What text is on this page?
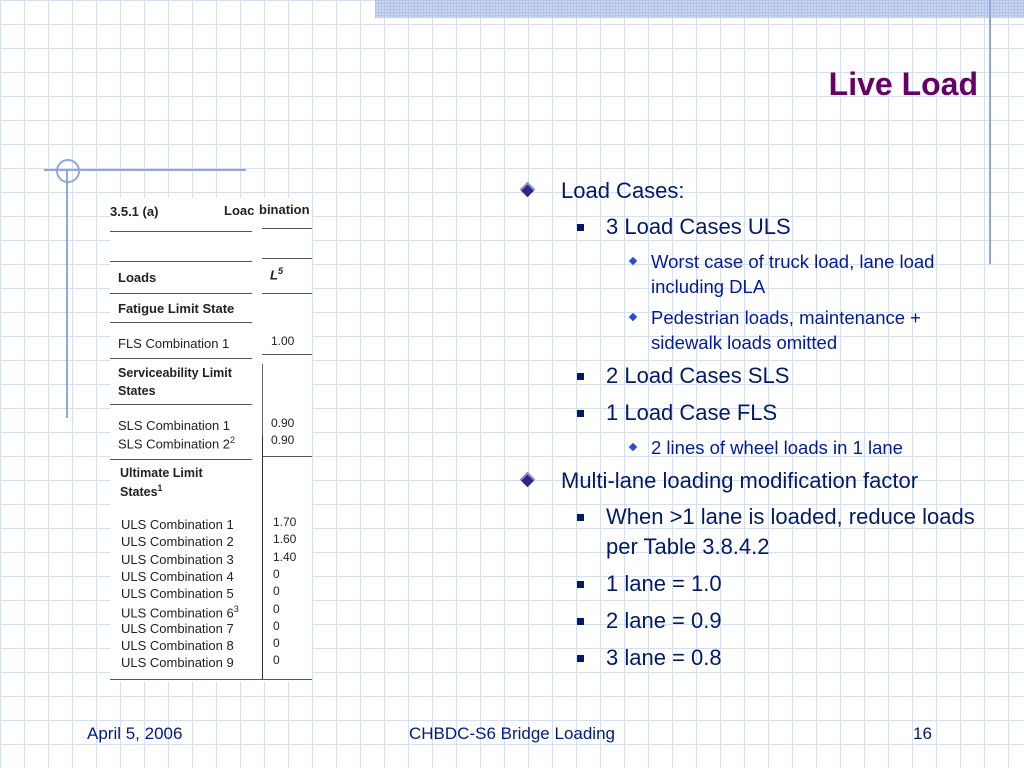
Live Load
3.5.1 (a)	Loac bination
Loads	$L^5$
Fatigue Limit State
FLS Combination 1	1.00
Serviceability Limit
States
SLS Combination 1	0.90
SLS Combination $2^2$	0.90
Ultimate Limit
States$^1$
ULS Combination 1	1.70
ULS Combination 2	1.60
ULS Combination 3	1.40
ULS Combination 4	0
ULS Combination 5	0
ULS Combination $6^3$	0
ULS Combination 7	0
ULS Combination 8	0
ULS Combination 9	0
Load Cases:
3 Load Cases ULS
Worst case of truck load, lane load including DLA
Pedestrian loads, maintenance + sidewalk loads omitted
2 Load Cases SLS
1 Load Case FLS
2 lines of wheel loads in 1 lane
Multi-lane loading modification factor
When >1 lane is loaded, reduce loads per Table 3.8.4.2
1 lane = 1.0
2 lane = 0.9
3 lane = 0.8
April 5, 2006	CHBDC-S6 Bridge Loading	16
